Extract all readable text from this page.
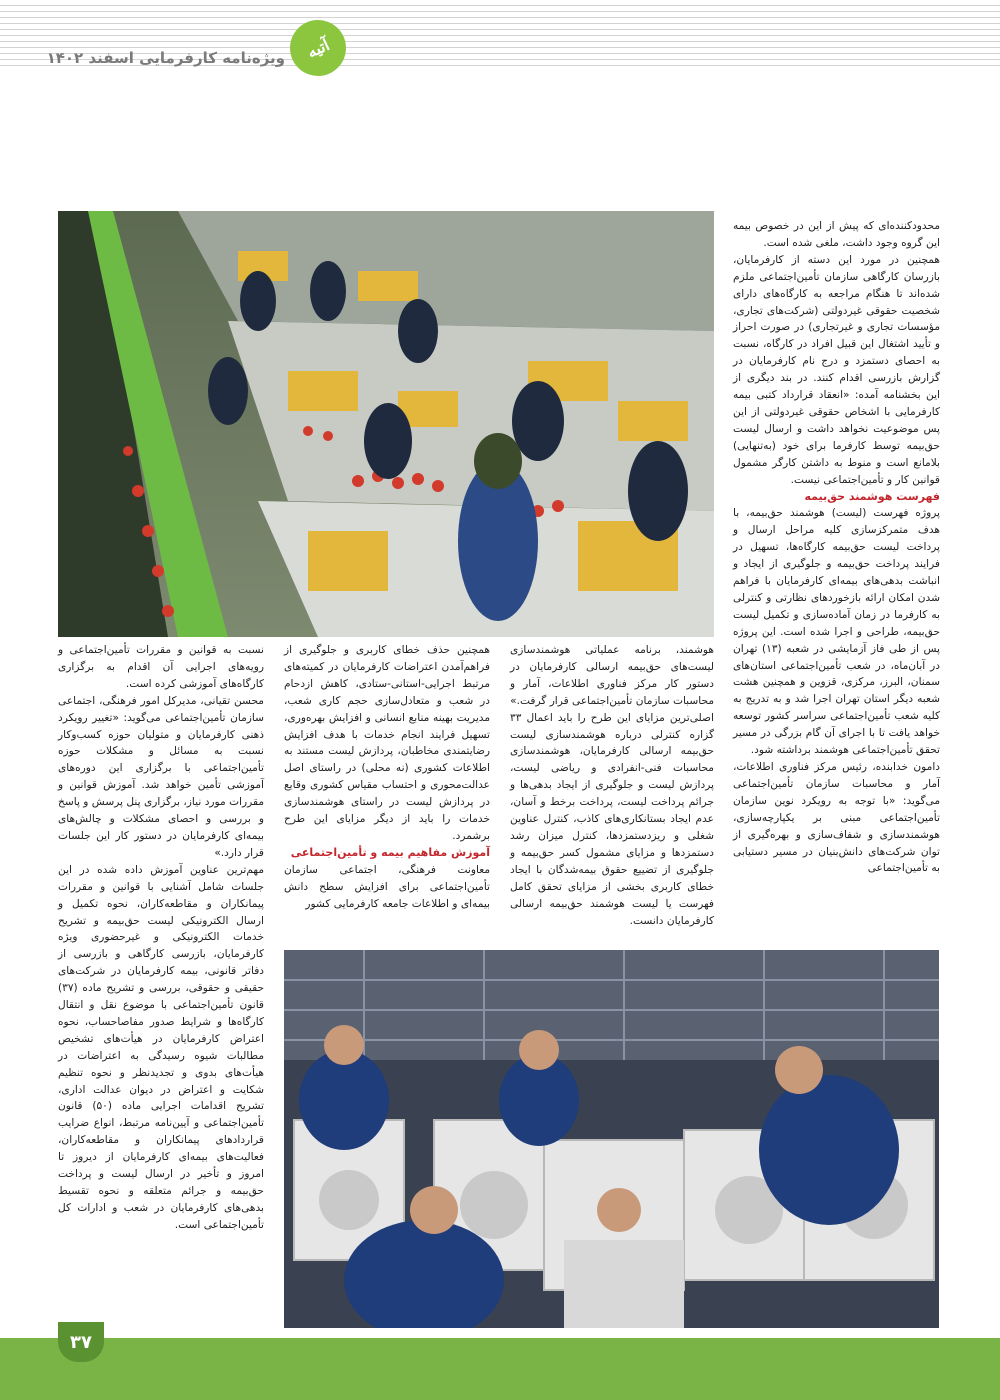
ویژه‌نامه کارفرمایی اسفند ۱۴۰۲	آتیه

محدودکننده‌ای که پیش از این در خصوص بیمه این گروه وجود داشت، ملغی شده است.

همچنین در مورد این دسته از کارفرمایان، بازرسان کارگاهی سازمان تأمین‌اجتماعی ملزم شده‌اند تا هنگام مراجعه به کارگاه‌های دارای شخصیت حقوقی غیردولتی (شرکت‌های تجاری، مؤسسات تجاری و غیرتجاری) در صورت احراز و تأیید اشتغال این قبیل افراد در کارگاه، نسبت به احصای دستمزد و درج نام کارفرمایان در گزارش بازرسی اقدام کنند. در بند دیگری از این بخشنامه آمده: «انعقاد قرارداد کتبی بیمه کارفرمایی با اشخاص حقوقی غیردولتی از این پس موضوعیت نخواهد داشت و ارسال لیست حق‌بیمه توسط کارفرما برای خود (به‌تنهایی) بلامانع است و منوط به داشتن کارگر مشمول قوانین کار و تأمین‌اجتماعی نیست.

فهرست هوشمند حق‌بیمه

پروژه فهرست (لیست) هوشمند حق‌بیمه، با هدف متمرکزسازی کلیه مراحل ارسال و پرداخت لیست حق‌بیمه کارگاه‌ها، تسهیل در فرایند پرداخت حق‌بیمه و جلوگیری از ایجاد و انباشت بدهی‌های بیمه‌ای کارفرمایان با فراهم شدن امکان ارائه بازخوردهای نظارتی و کنترلی به کارفرما در زمان آماده‌سازی و تکمیل لیست حق‌بیمه، طراحی و اجرا شده است. این پروژه پس از طی فاز آزمایشی در شعبه (۱۳) تهران در آبان‌ماه، در شعب تأمین‌اجتماعی استان‌های سمنان، البرز، مرکزی، قزوین و همچنین هشت شعبه دیگر استان تهران اجرا شد و به تدریج به کلیه شعب تأمین‌اجتماعی سراسر کشور توسعه خواهد یافت تا با اجرای آن گام بزرگی در مسیر تحقق تأمین‌اجتماعی هوشمند برداشته شود.

دامون خدابنده، رئیس مرکز فناوری اطلاعات، آمار و محاسبات سازمان تأمین‌اجتماعی می‌گوید: «با توجه به رویکرد نوین سازمان تأمین‌اجتماعی مبنی بر یکپارچه‌سازی، هوشمندسازی و شفاف‌سازی و بهره‌گیری از توان شرکت‌های دانش‌بنیان در مسیر دستیابی به تأمین‌اجتماعی

هوشمند، برنامه عملیاتی هوشمندسازی لیست‌های حق‌بیمه ارسالی کارفرمایان در دستور کار مرکز فناوری اطلاعات، آمار و محاسبات سازمان تأمین‌اجتماعی قرار گرفت.»

اصلی‌ترین مزایای این طرح را باید اعمال ۳۳ گزاره کنترلی درباره هوشمندسازی لیست حق‌بیمه ارسالی کارفرمایان، هوشمندسازی محاسبات فنی-انفرادی و ریاضی لیست، پردازش لیست و جلوگیری از ایجاد بدهی‌ها و جرائم پرداخت لیست، پرداخت برخط و آسان، عدم ایجاد بستانکاری‌های کاذب، کنترل عناوین شغلی و ریزدستمزدها، کنترل میزان رشد دستمزدها و مزایای مشمول کسر حق‌بیمه و جلوگیری از تضییع حقوق بیمه‌شدگان با ایجاد خطای کاربری بخشی از مزایای تحقق کامل فهرست یا لیست هوشمند حق‌بیمه ارسالی کارفرمایان دانست.

همچنین حذف خطای کاربری و جلوگیری از فراهم‌آمدن اعتراضات کارفرمایان در کمیته‌های مرتبط اجرایی-استانی-ستادی، کاهش ازدحام در شعب و متعادل‌سازی حجم کاری شعب، مدیریت بهینه منابع انسانی و افزایش بهره‌وری، تسهیل فرایند انجام خدمات با هدف افزایش رضایتمندی مخاطبان، پردازش لیست مستند به اطلاعات کشوری (نه محلی) در راستای اصل عدالت‌محوری و احتساب مقیاس کشوری وقایع در پردازش لیست در راستای هوشمندسازی خدمات را باید از دیگر مزایای این طرح برشمرد.

آموزش مفاهیم بیمه و تأمین‌اجتماعی

معاونت فرهنگی، اجتماعی سازمان تأمین‌اجتماعی برای افزایش سطح دانش بیمه‌ای و اطلاعات جامعه کارفرمایی کشور

نسبت به قوانین و مقررات تأمین‌اجتماعی و رویه‌های اجرایی آن اقدام به برگزاری کارگاه‌های آموزشی کرده است.

محسن تقیانی، مدیرکل امور فرهنگی، اجتماعی سازمان تأمین‌اجتماعی می‌گوید: «تغییر رویکرد ذهنی کارفرمایان و متولیان حوزه کسب‌وکار نسبت به مسائل و مشکلات حوزه تأمین‌اجتماعی با برگزاری این دوره‌های آموزشی تأمین خواهد شد. آموزش قوانین و مقررات مورد نیاز، برگزاری پنل پرسش و پاسخ و بررسی و احصای مشکلات و چالش‌های بیمه‌ای کارفرمایان در دستور کار این جلسات قرار دارد.»

مهم‌ترین عناوین آموزش داده شده در این جلسات شامل آشنایی با قوانین و مقررات پیمانکاران و مقاطعه‌کاران، نحوه تکمیل و ارسال الکترونیکی لیست حق‌بیمه و تشریح خدمات الکترونیکی و غیرحضوری ویژه کارفرمایان، بازرسی کارگاهی و بازرسی از دفاتر قانونی، بیمه کارفرمایان در شرکت‌های حقیقی و حقوقی، بررسی و تشریح ماده (۳۷) قانون تأمین‌اجتماعی با موضوع نقل و انتقال کارگاه‌ها و شرایط صدور مفاصاحساب، نحوه اعتراض کارفرمایان در هیأت‌های تشخیص مطالبات شیوه رسیدگی به اعتراضات در هیأت‌های بدوی و تجدیدنظر و نحوه تنظیم شکایت و اعتراض در دیوان عدالت اداری، تشریح اقدامات اجرایی ماده (۵۰) قانون تأمین‌اجتماعی و آیین‌نامه مرتبط، انواع ضرایب قراردادهای پیمانکاران و مقاطعه‌کاران، فعالیت‌های بیمه‌ای کارفرمایان از دیروز تا امروز و تأخیر در ارسال لیست و پرداخت حق‌بیمه و جرائم متعلقه و نحوه تقسیط بدهی‌های کارفرمایان در شعب و ادارات کل تأمین‌اجتماعی است.

۳۷
